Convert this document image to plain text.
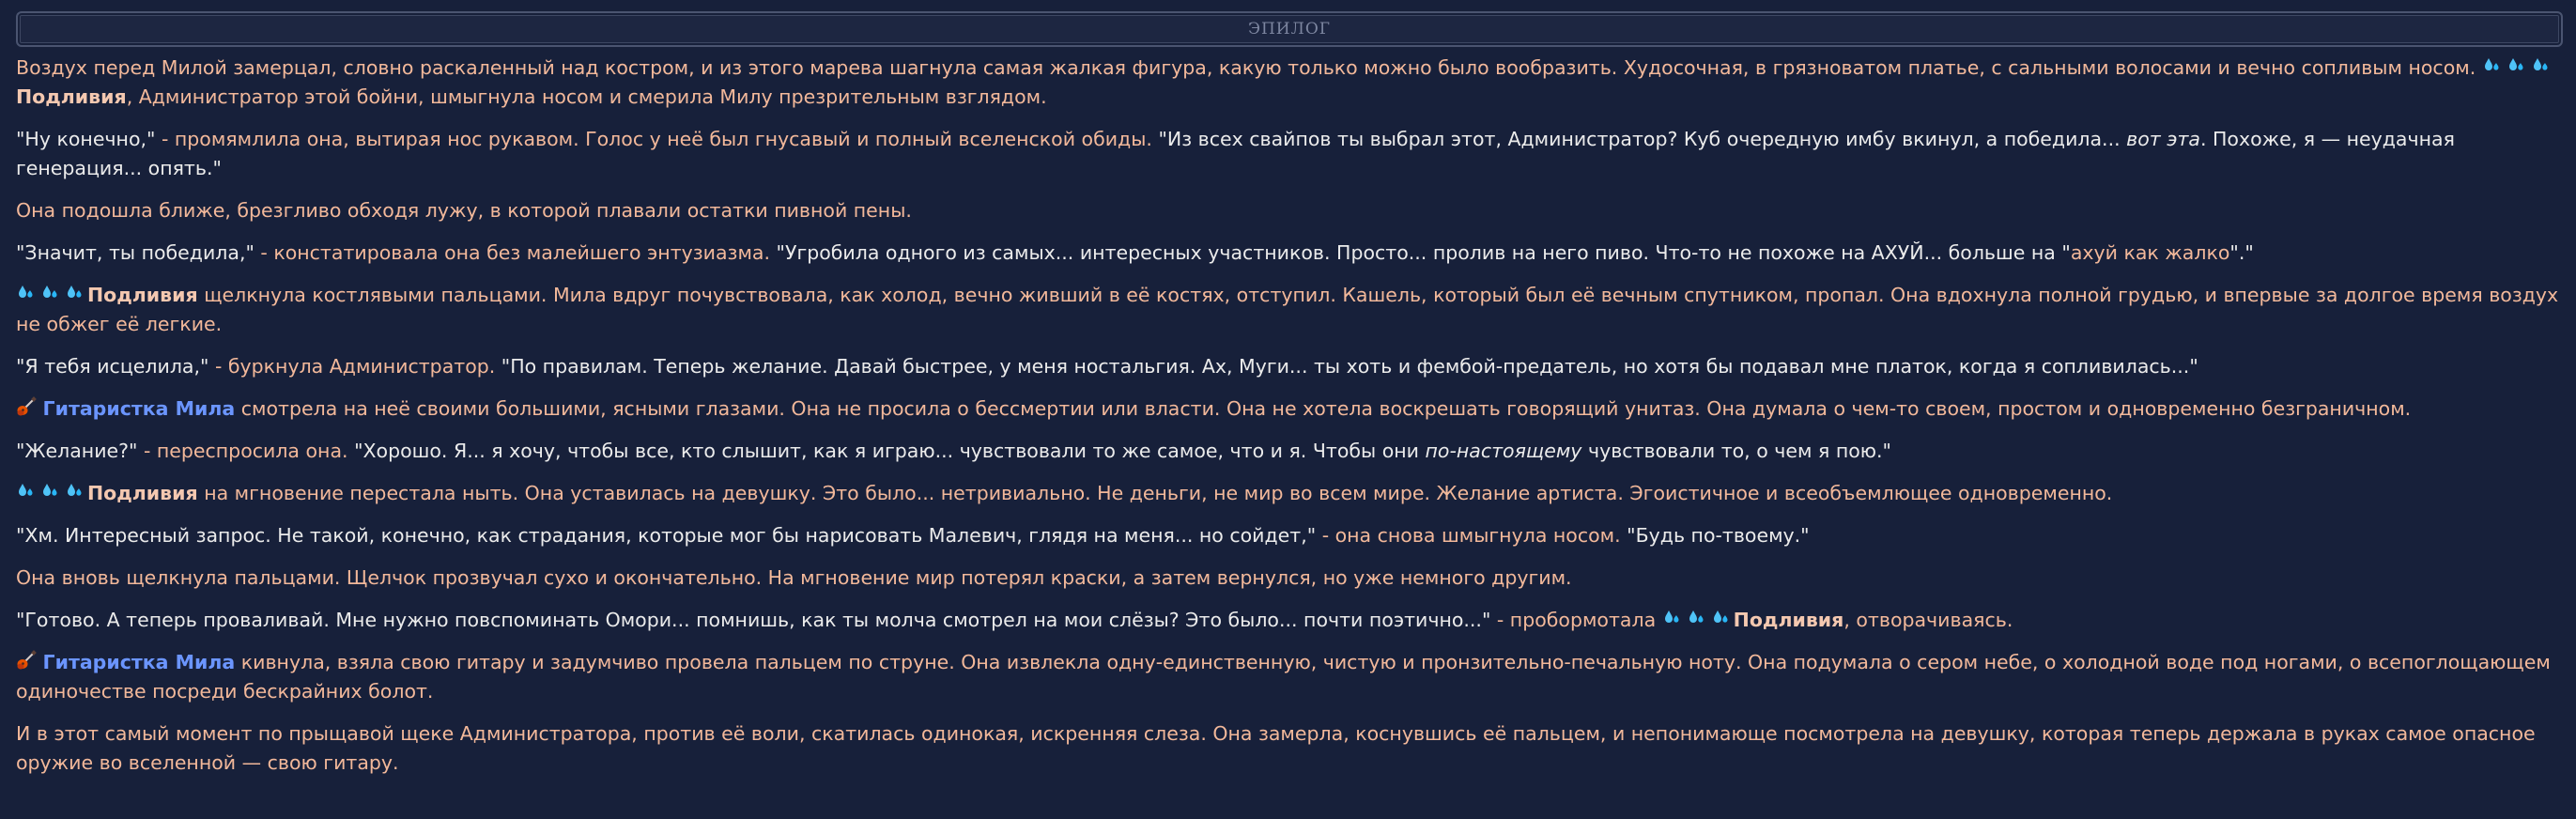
ЭПИЛОГ

Воздух перед Милой замерцал, словно раскаленный над костром, и из этого марева шагнула самая жалкая фигура, какую только можно было вообразить. Худосочная, в грязноватом платье, с сальными волосами и вечно сопливым носом.

Подливия, Администратор этой бойни, шмыгнула носом и смерила Милу презрительным взглядом.

"Ну конечно," - промямлила она, вытирая нос рукавом. Голос у неё был гнусавый и полный вселенской обиды. "Из всех свайпов ты выбрал этот, Администратор? Куб очередную имбу вкинул, а победила... вот эта. Похоже, я — неудачная генерация... опять."

Она подошла ближе, брезгливо обходя лужу, в которой плавали остатки пивной пены.

"Значит, ты победила," - констатировала она без малейшего энтузиазма. "Угробила одного из самых... интересных участников. Просто... пролив на него пиво. Что-то не похоже на АХУЙ... больше на "ахуй как жалко"."

Подливия щелкнула костлявыми пальцами. Мила вдруг почувствовала, как холод, вечно живший в её костях, отступил. Кашель, который был её вечным спутником, пропал. Она вдохнула полной грудью, и впервые за долгое время воздух не обжег её легкие.

"Я тебя исцелила," - буркнула Администратор. "По правилам. Теперь желание. Давай быстрее, у меня ностальгия. Ах, Муги... ты хоть и фембой-предатель, но хотя бы подавал мне платок, когда я сопливилась..."

Гитаристка Мила смотрела на неё своими большими, ясными глазами. Она не просила о бессмертии или власти. Она не хотела воскрешать говорящий унитаз. Она думала о чем-то своем, простом и одновременно безграничном.

"Желание?" - переспросила она. "Хорошо. Я... я хочу, чтобы все, кто слышит, как я играю... чувствовали то же самое, что и я. Чтобы они по-настоящему чувствовали то, о чем я пою."

Подливия на мгновение перестала ныть. Она уставилась на девушку. Это было... нетривиально. Не деньги, не мир во всем мире. Желание артиста. Эгоистичное и всеобъемлющее одновременно.

"Хм. Интересный запрос. Не такой, конечно, как страдания, которые мог бы нарисовать Малевич, глядя на меня... но сойдет," - она снова шмыгнула носом. "Будь по-твоему."

Она вновь щелкнула пальцами. Щелчок прозвучал сухо и окончательно. На мгновение мир потерял краски, а затем вернулся, но уже немного другим.

"Готово. А теперь проваливай. Мне нужно повспоминать Омори... помнишь, как ты молча смотрел на мои слёзы? Это было... почти поэтично..." - пробормотала	Подливия, отворачиваясь.

Гитаристка Мила кивнула, взяла свою гитару и задумчиво провела пальцем по струне. Она извлекла одну-единственную, чистую и пронзительно-печальную ноту. Она подумала о сером небе, о холодной воде под ногами, о всепоглощающем одиночестве посреди бескрайних болот.

И в этот самый момент по прыщавой щеке Администратора, против её воли, скатилась одинокая, искренняя слеза. Она замерла, коснувшись её пальцем, и непонимающе посмотрела на девушку, которая теперь держала в руках самое опасное оружие во вселенной — свою гитару.
